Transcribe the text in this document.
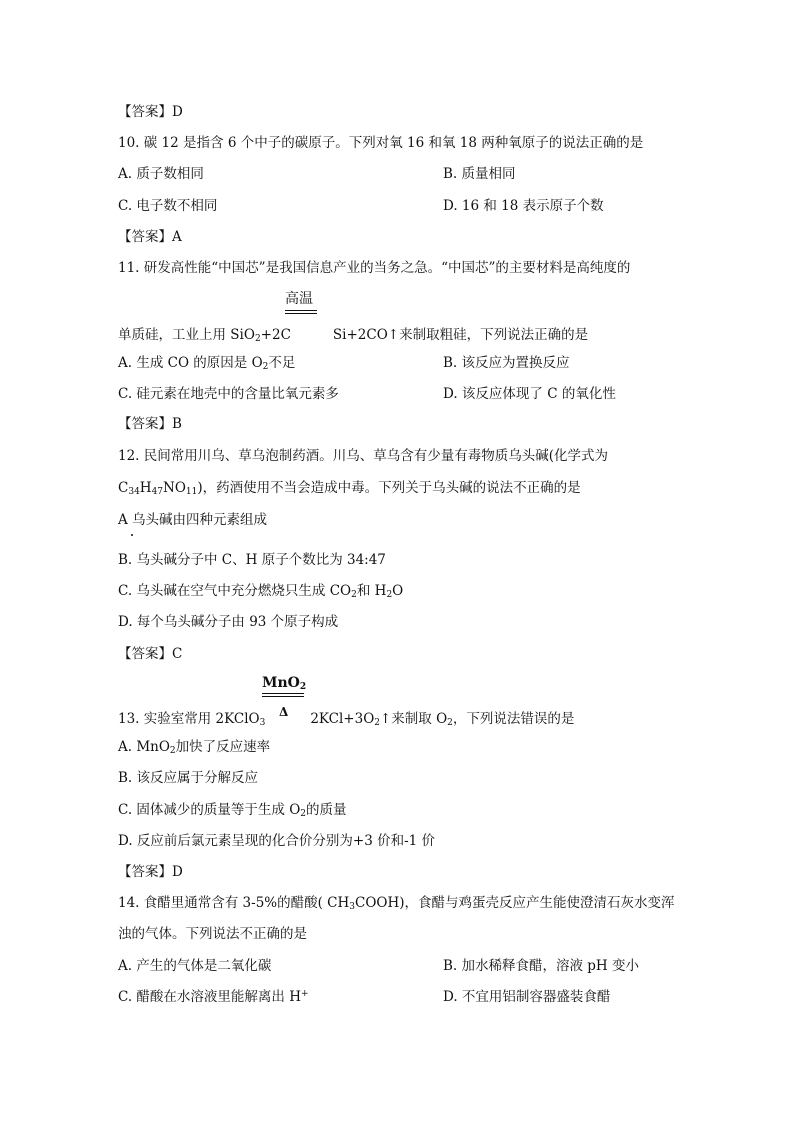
【答案】D
10. 碳 12 是指含 6 个中子的碳原子。下列对氧 16 和氧 18 两种氧原子的说法正确的是
A. 质子数相同	B. 质量相同
C. 电子数不相同	D. 16 和 18 表示原子个数
【答案】A
11. 研发高性能“中国芯”是我国信息产业的当务之急。“中国芯”的主要材料是高纯度的
高温
单质硅，工业上用 SiO$_2$+2C	Si+2CO↑来制取粗硅，下列说法正确的是
A. 生成 CO 的原因是 $O_2$不足	B. 该反应为置换反应
C. 硅元素在地壳中的含量比氧元素多	D. 该反应体现了 C 的氧化性
【答案】B
12. 民间常用川乌、草乌泡制药酒。川乌、草乌含有少量有毒物质乌头碱(化学式为
$C_{34}H_{47}NO_{11}$)，药酒使用不当会造成中毒。下列关于乌头碱的说法不正确的是
A 乌头碱由四种元素组成
B. 乌头碱分子中 C、H 原子个数比为 34:47
C. 乌头碱在空气中充分燃烧只生成 $CO_2$和 $H_2O$
D. 每个乌头碱分子由 93 个原子构成
【答案】C
MnO$_2$
Δ
13. 实验室常用 2KClO$_3$	$2KCl+3O_2↑$来制取 $O_2$，下列说法错误的是
A. MnO$_2$加快了反应速率
B. 该反应属于分解反应
C. 固体减少的质量等于生成 $O_2$的质量
D. 反应前后氯元素呈现的化合价分别为+3 价和-1 价
【答案】D
14. 食醋里通常含有 3-5%的醋酸( $CH_3COOH$)，食醋与鸡蛋壳反应产生能使澄清石灰水变浑
浊的气体。下列说法不正确的是
A. 产生的气体是二氧化碳	B. 加水稀释食醋，溶液 pH 变小
C. 醋酸在水溶液里能解离出 H+	D. 不宜用铝制容器盛装食醋
